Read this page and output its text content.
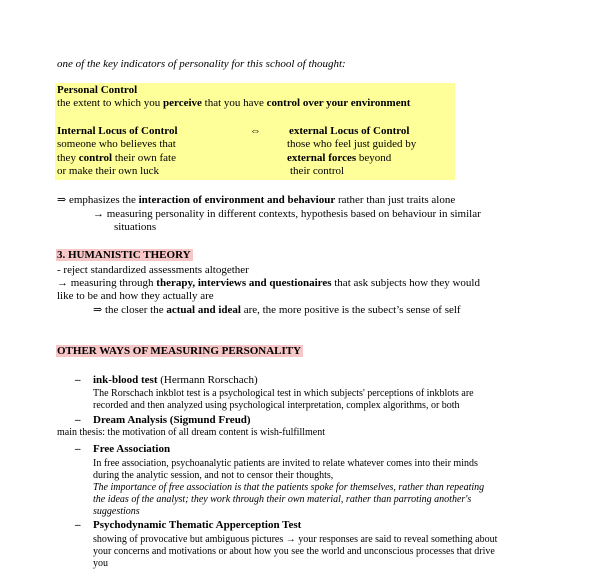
one of the key indicators of personality for this school of thought:
Personal Control
the extent to which you perceive that you have control over your environment
Internal Locus of Control	⇔	external Locus of Control
someone who believes that	those who feel just guided by
they control their own fate	external forces beyond
or make their own luck	their control
⇒ emphasizes the interaction of environment and behaviour rather than just traits alone
→ measuring personality in different contexts, hypothesis based on behaviour in similar
situations
3. HUMANISTIC THEORY
- reject standardized assessments altogether
→ measuring through therapy, interviews and questionaires that ask subjects how they would
like to be and how they actually are
⇒ the closer the actual and ideal are, the more positive is the subect’s sense of self
OTHER WAYS OF MEASURING PERSONALITY
– ink-blood test (Hermann Rorschach)
The Rorschach inkblot test is a psychological test in which subjects' perceptions of inkblots are
recorded and then analyzed using psychological interpretation, complex algorithms, or both
– Dream Analysis (Sigmund Freud)
main thesis: the motivation of all dream content is wish-fulfillment
– Free Association
In free association, psychoanalytic patients are invited to relate whatever comes into their minds
during the analytic session, and not to censor their thoughts,
The importance of free association is that the patients spoke for themselves, rather than repeating
the ideas of the analyst; they work through their own material, rather than parroting another's
suggestions
– Psychodynamic Thematic Apperception Test
showing of provocative but ambiguous pictures → your responses are said to reveal something about
your concerns and motivations or about how you see the world and unconscious processes that drive
you
